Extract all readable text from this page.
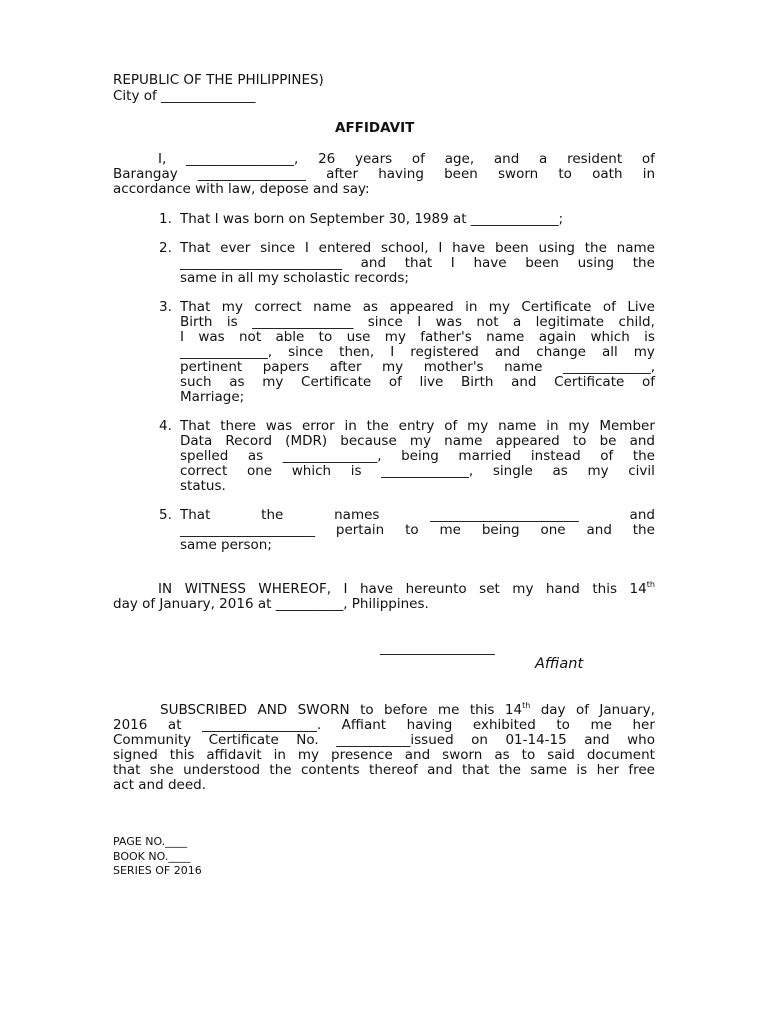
REPUBLIC OF THE PHILIPPINES)
City of ______________
AFFIDAVIT
I, ________________, 26 years of age, and a resident of
Barangay ________________ after having been sworn to oath in
accordance with law, depose and say:
1. That I was born on September 30, 1989 at _____________;
2. That ever since I entered school, I have been using the name
________________________ and that I have been using the
same in all my scholastic records;
3. That my correct name as appeared in my Certificate of Live
Birth is _______________ since I was not a legitimate child,
I was not able to use my father's name again which is
_____________, since then, I registered and change all my
pertinent papers after my mother's name _____________,
such as my Certificate of live Birth and Certificate of
Marriage;
4. That there was error in the entry of my name in my Member
Data Record (MDR) because my name appeared to be and
spelled as ______________, being married instead of the
correct one which is _____________, single as my civil
status.
5. That	the	names	______________________	and
____________________ pertain to me being one and the
same person;
IN WITNESS WHEREOF, I have hereunto set my hand this 14th
day of January, 2016 at __________, Philippines.
_________________
Affiant
SUBSCRIBED AND SWORN to before me this 14th day of January,
2016 at _________________. Affiant having exhibited to me her
Community Certificate No. ___________issued on 01-14-15 and who
signed this affidavit in my presence and sworn as to said document
that she understood the contents thereof and that the same is her free
act and deed.
PAGE NO.____
BOOK NO.____
SERIES OF 2016
